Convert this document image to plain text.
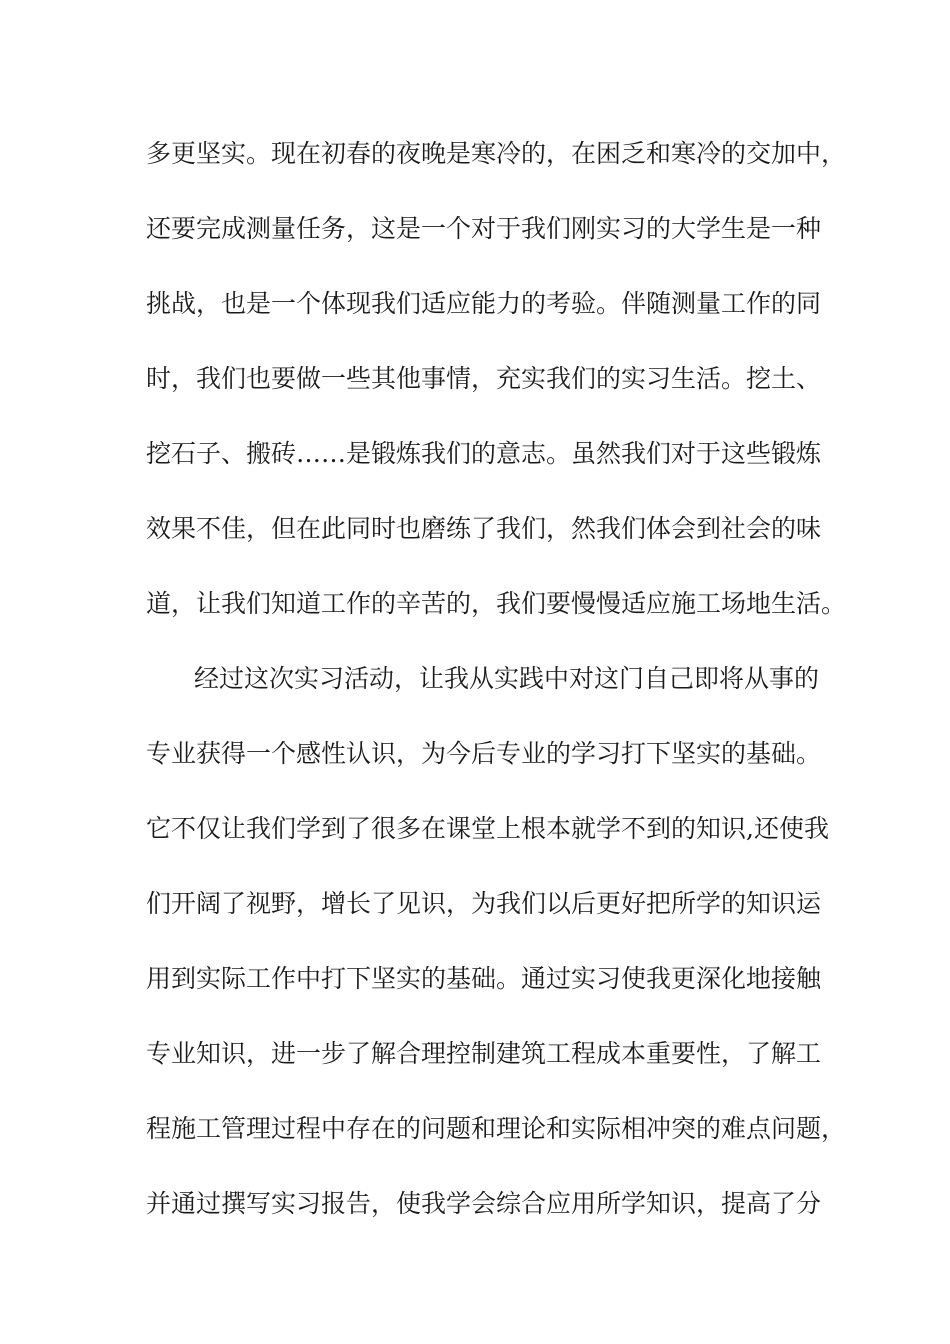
多更坚实。现在初春的夜晚是寒冷的，在困乏和寒冷的交加中，
还要完成测量任务，这是一个对于我们刚实习的大学生是一种
挑战，也是一个体现我们适应能力的考验。伴随测量工作的同
时，我们也要做一些其他事情，充实我们的实习生活。挖土、
挖石子、搬砖……是锻炼我们的意志。虽然我们对于这些锻炼
效果不佳，但在此同时也磨练了我们，然我们体会到社会的味
道，让我们知道工作的辛苦的，我们要慢慢适应施工场地生活。
经过这次实习活动，让我从实践中对这门自己即将从事的
专业获得一个感性认识，为今后专业的学习打下坚实的基础。
它不仅让我们学到了很多在课堂上根本就学不到的知识,还使我
们开阔了视野，增长了见识，为我们以后更好把所学的知识运
用到实际工作中打下坚实的基础。通过实习使我更深化地接触
专业知识，进一步了解合理控制建筑工程成本重要性，了解工
程施工管理过程中存在的问题和理论和实际相冲突的难点问题，
并通过撰写实习报告，使我学会综合应用所学知识，提高了分
